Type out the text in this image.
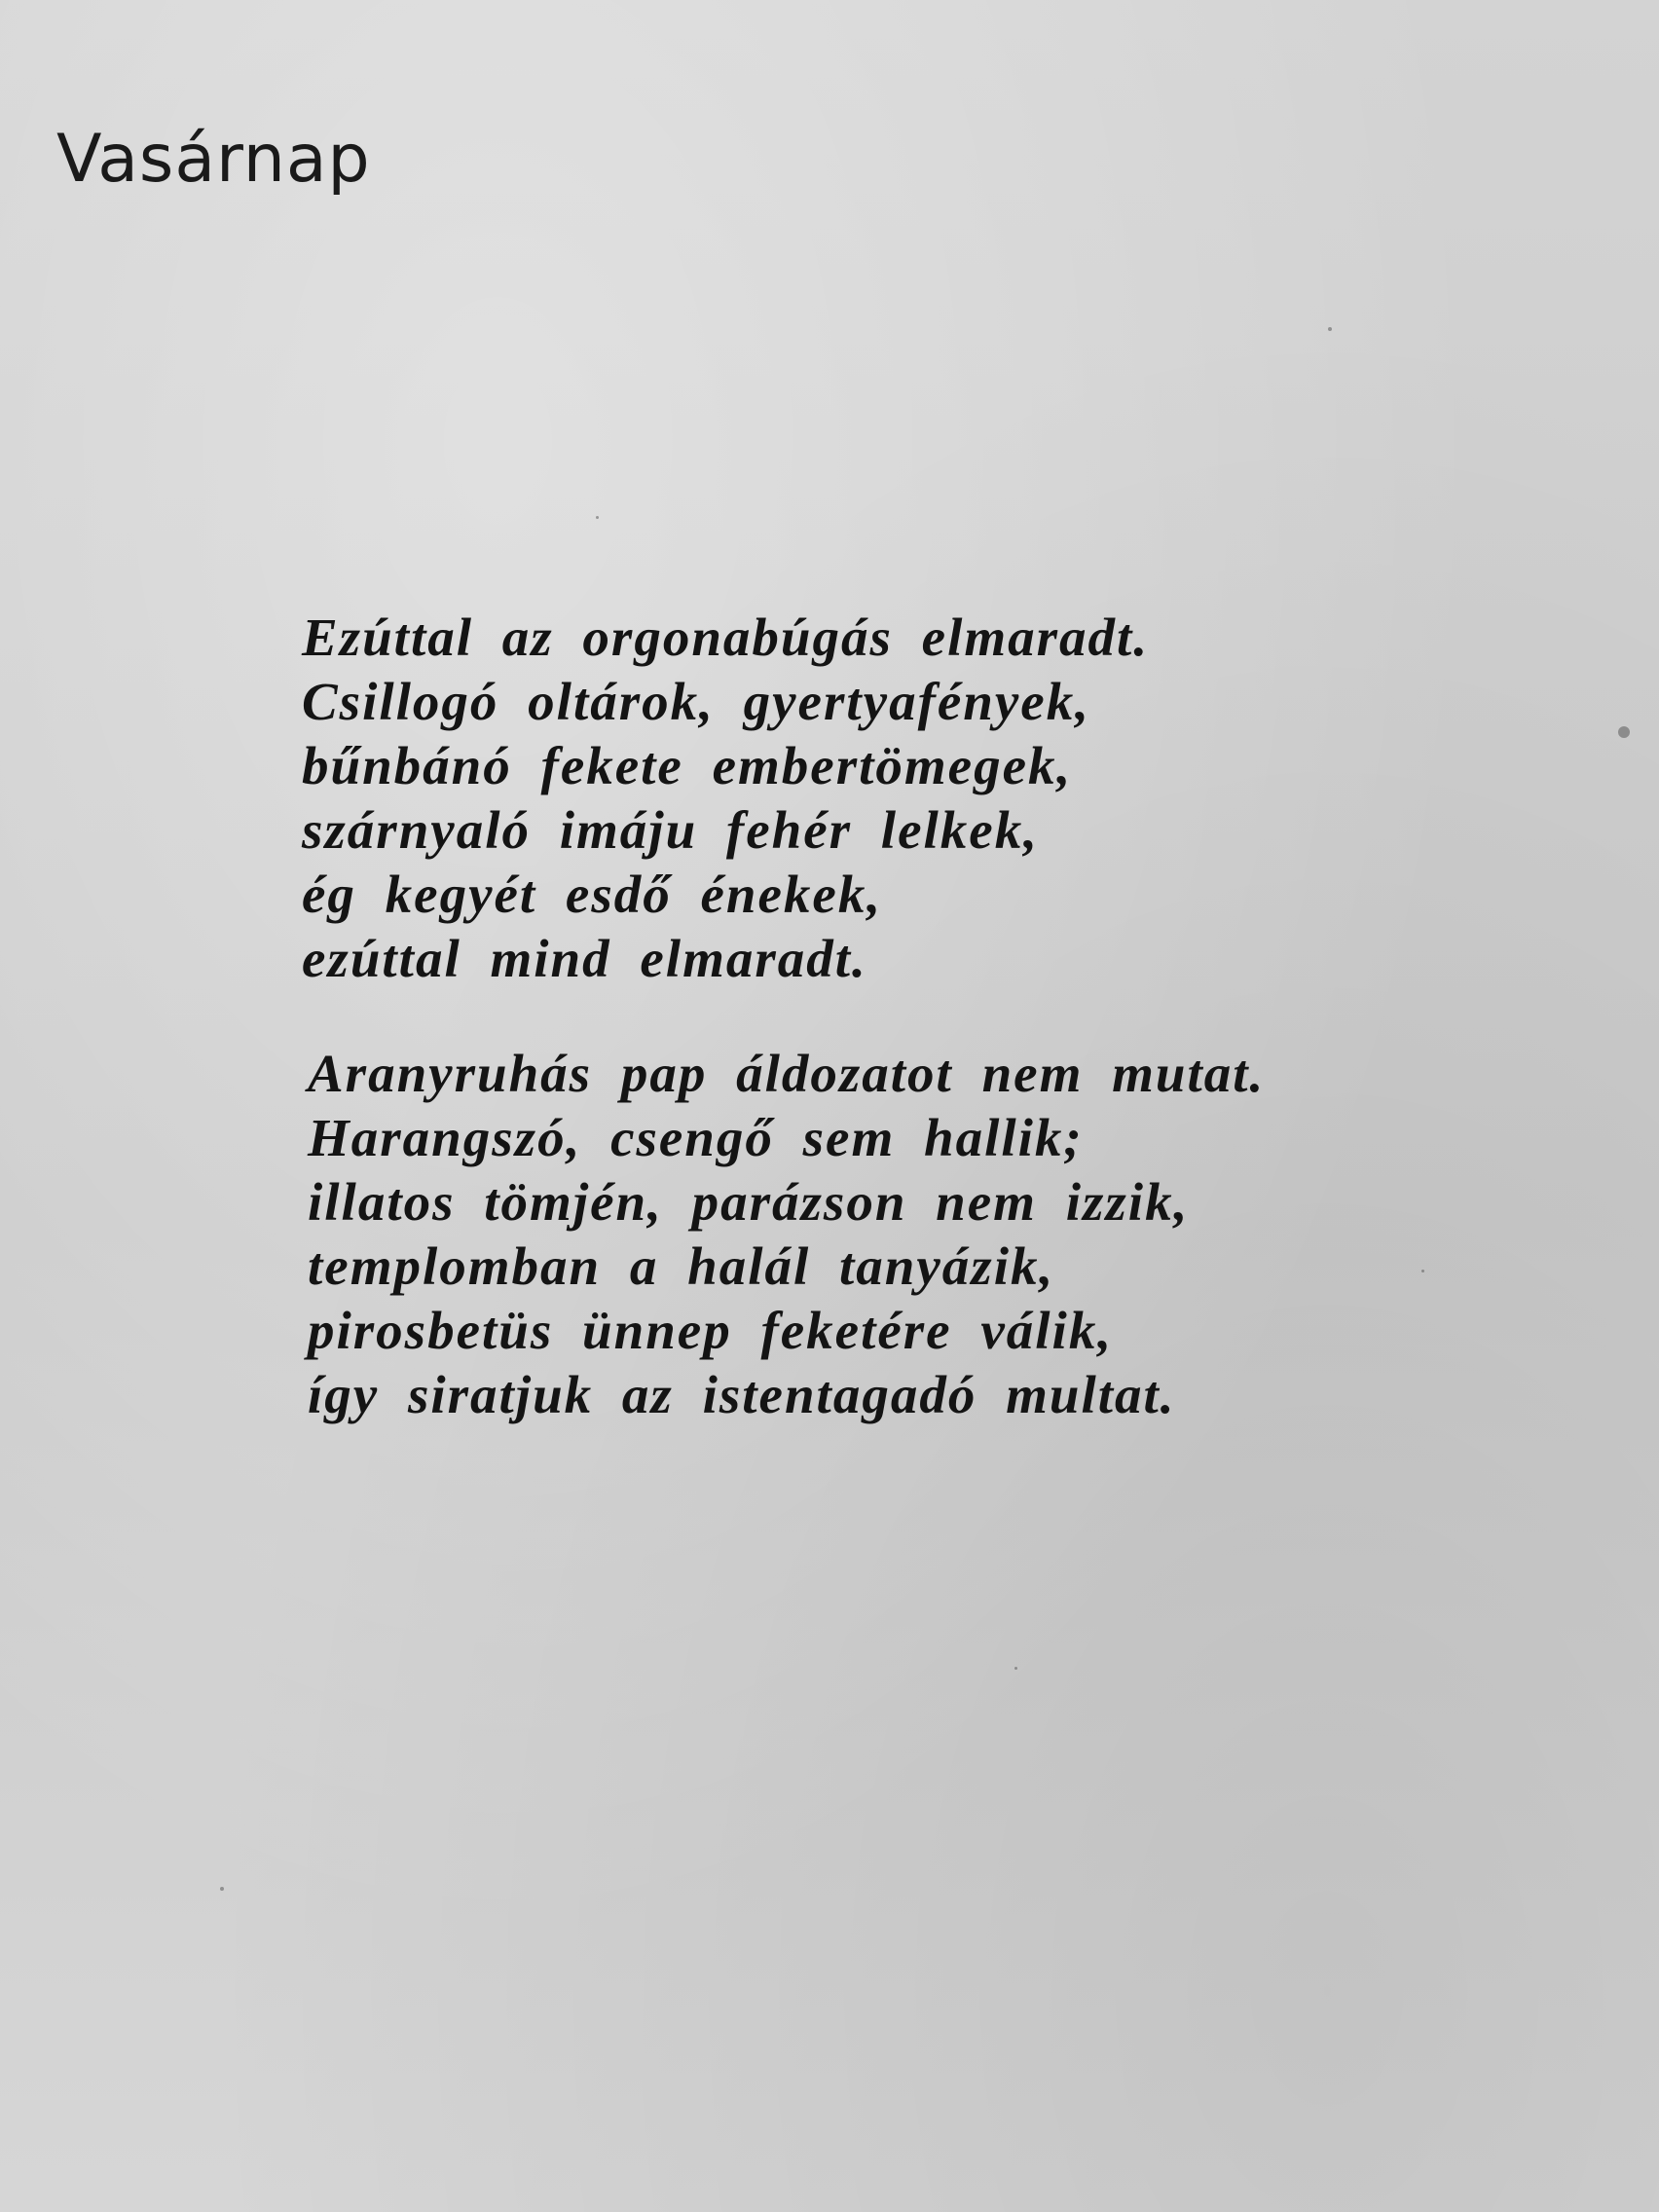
Vasárnap
Ezúttal az orgonabúgás elmaradt.
Csillogó oltárok, gyertyafények,
bűnbánó fekete embertömegek,
szárnyaló imáju fehér lelkek,
ég kegyét esdő énekek,
ezúttal mind elmaradt.
Aranyruhás pap áldozatot nem mutat.
Harangszó, csengő sem hallik;
illatos tömjén, parázson nem izzik,
templomban a halál tanyázik,
pirosbetüs ünnep feketére válik,
így siratjuk az istentagadó multat.
